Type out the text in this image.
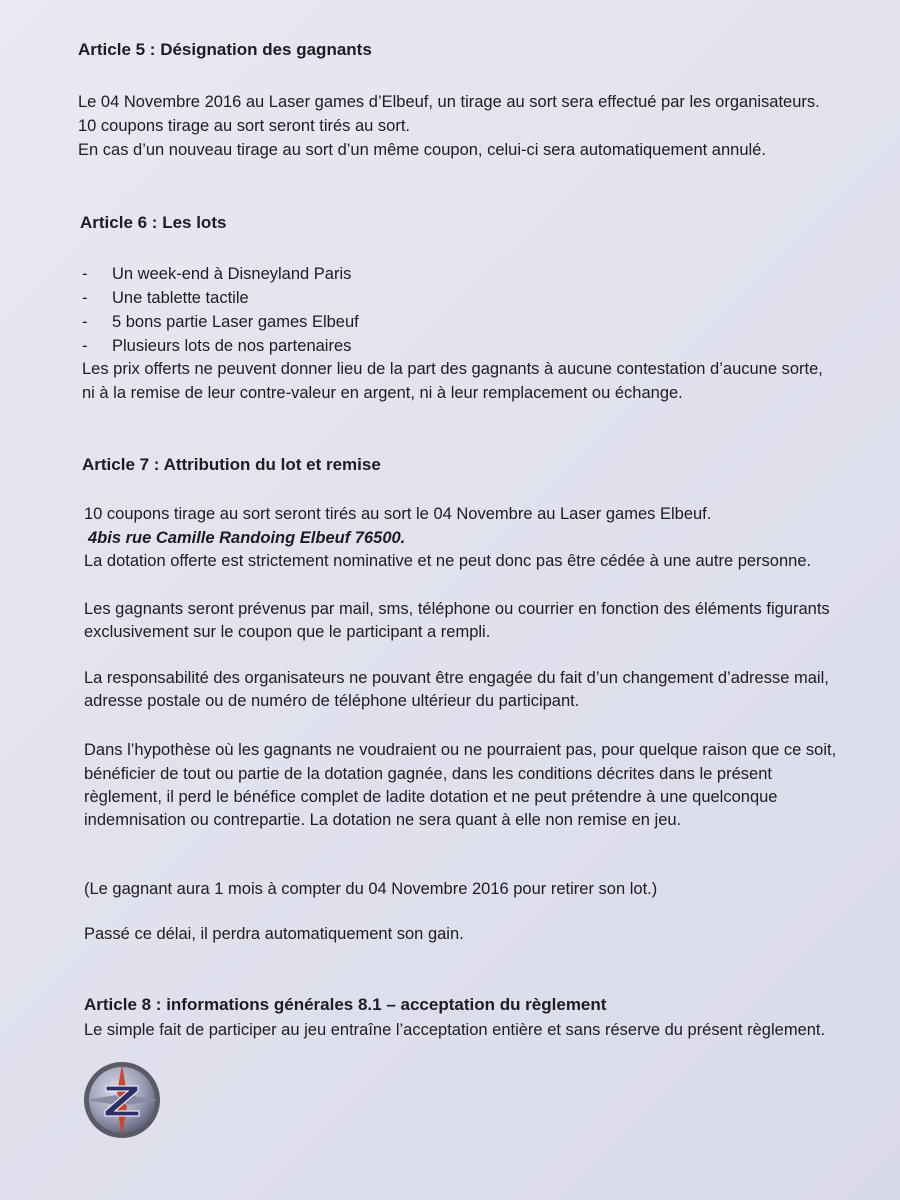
Article 5 : Désignation des gagnants
Le 04 Novembre 2016 au Laser games d’Elbeuf, un tirage au sort sera effectué par les organisateurs.
10 coupons tirage au sort seront tirés au sort.
En cas d’un nouveau tirage au sort d’un même coupon, celui-ci sera automatiquement annulé.
Article 6 : Les lots
- Un week-end à Disneyland Paris
- Une tablette tactile
- 5 bons partie Laser games Elbeuf
- Plusieurs lots de nos partenaires
Les prix offerts ne peuvent donner lieu de la part des gagnants à aucune contestation d’aucune sorte,
ni à la remise de leur contre-valeur en argent, ni à leur remplacement ou échange.
Article 7 : Attribution du lot et remise
10 coupons tirage au sort seront tirés au sort le 04 Novembre au Laser games Elbeuf.
4bis rue Camille Randoing Elbeuf 76500.
La dotation offerte est strictement nominative et ne peut donc pas être cédée à une autre personne.
Les gagnants seront prévenus par mail, sms, téléphone ou courrier en fonction des éléments figurants
exclusivement sur le coupon que le participant a rempli.
La responsabilité des organisateurs ne pouvant être engagée du fait d’un changement d’adresse mail,
adresse postale ou de numéro de téléphone ultérieur du participant.
Dans l’hypothèse où les gagnants ne voudraient ou ne pourraient pas, pour quelque raison que ce soit,
bénéficier de tout ou partie de la dotation gagnée, dans les conditions décrites dans le présent
règlement, il perd le bénéfice complet de ladite dotation et ne peut prétendre à une quelconque
indemnisation ou contrepartie. La dotation ne sera quant à elle non remise en jeu.
(Le gagnant aura 1 mois à compter du 04 Novembre 2016 pour retirer son lot.)
Passé ce délai, il perdra automatiquement son gain.
Article 8 : informations générales 8.1 – acceptation du règlement
Le simple fait de participer au jeu entraîne l’acceptation entière et sans réserve du présent règlement.
